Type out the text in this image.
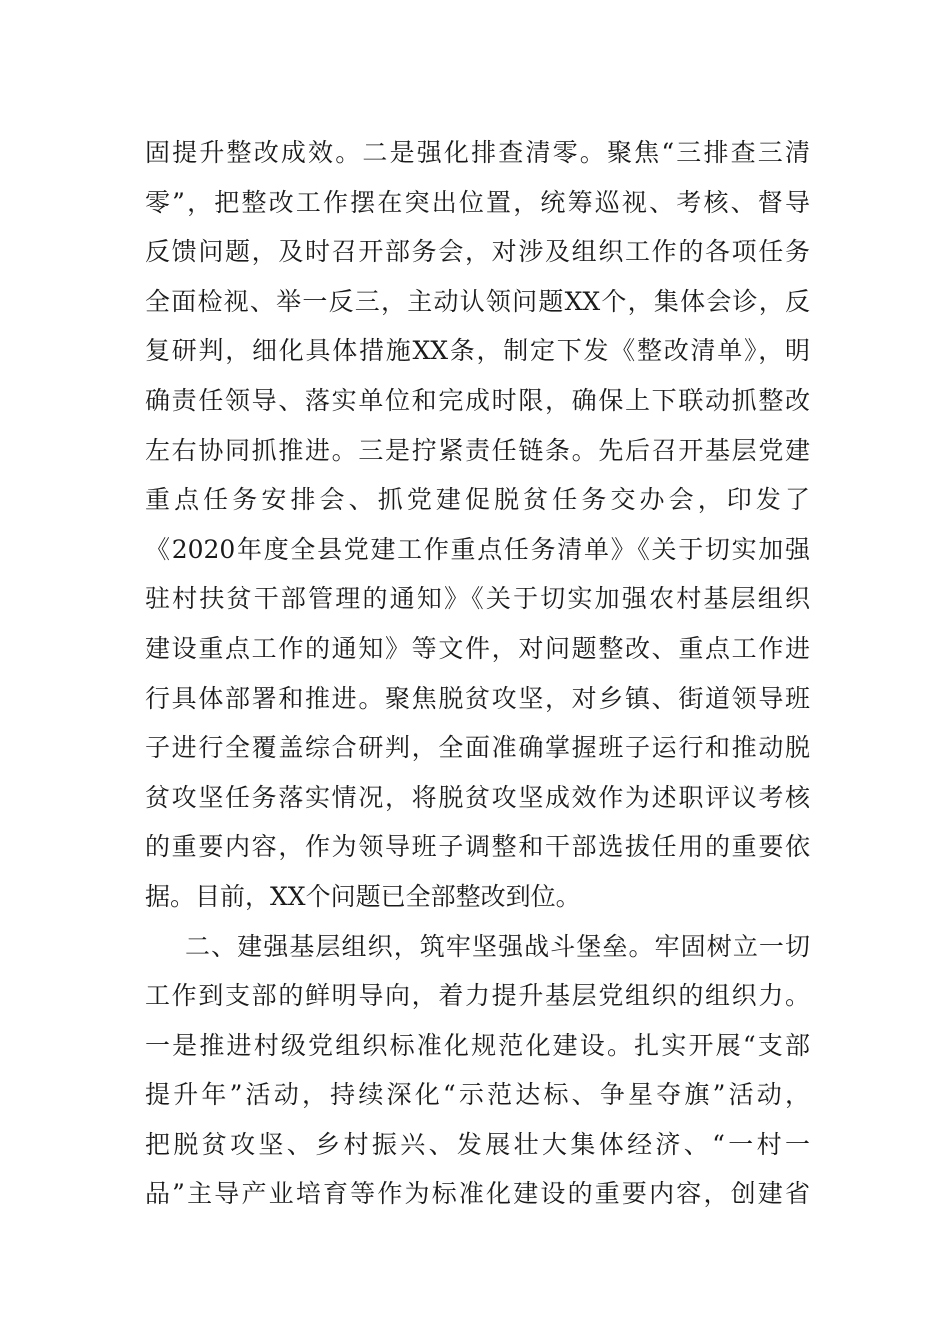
固提升整改成效。二是强化排查清零。聚焦“三排查三清
零”，把整改工作摆在突出位置，统筹巡视、考核、督导
反馈问题，及时召开部务会，对涉及组织工作的各项任务
全面检视、举一反三，主动认领问题XX个，集体会诊，反
复研判，细化具体措施XX条，制定下发《整改清单》，明
确责任领导、落实单位和完成时限，确保上下联动抓整改
左右协同抓推进。三是拧紧责任链条。先后召开基层党建
重点任务安排会、抓党建促脱贫任务交办会，印发了
《2020年度全县党建工作重点任务清单》《关于切实加强
驻村扶贫干部管理的通知》《关于切实加强农村基层组织
建设重点工作的通知》等文件，对问题整改、重点工作进
行具体部署和推进。聚焦脱贫攻坚，对乡镇、街道领导班
子进行全覆盖综合研判，全面准确掌握班子运行和推动脱
贫攻坚任务落实情况，将脱贫攻坚成效作为述职评议考核
的重要内容，作为领导班子调整和干部选拔任用的重要依
据。目前，XX个问题已全部整改到位。
二、建强基层组织，筑牢坚强战斗堡垒。牢固树立一切
工作到支部的鲜明导向，着力提升基层党组织的组织力。
一是推进村级党组织标准化规范化建设。扎实开展“支部
提升年”活动，持续深化“示范达标、争星夺旗”活动，
把脱贫攻坚、乡村振兴、发展壮大集体经济、“一村一
品”主导产业培育等作为标准化建设的重要内容，创建省
